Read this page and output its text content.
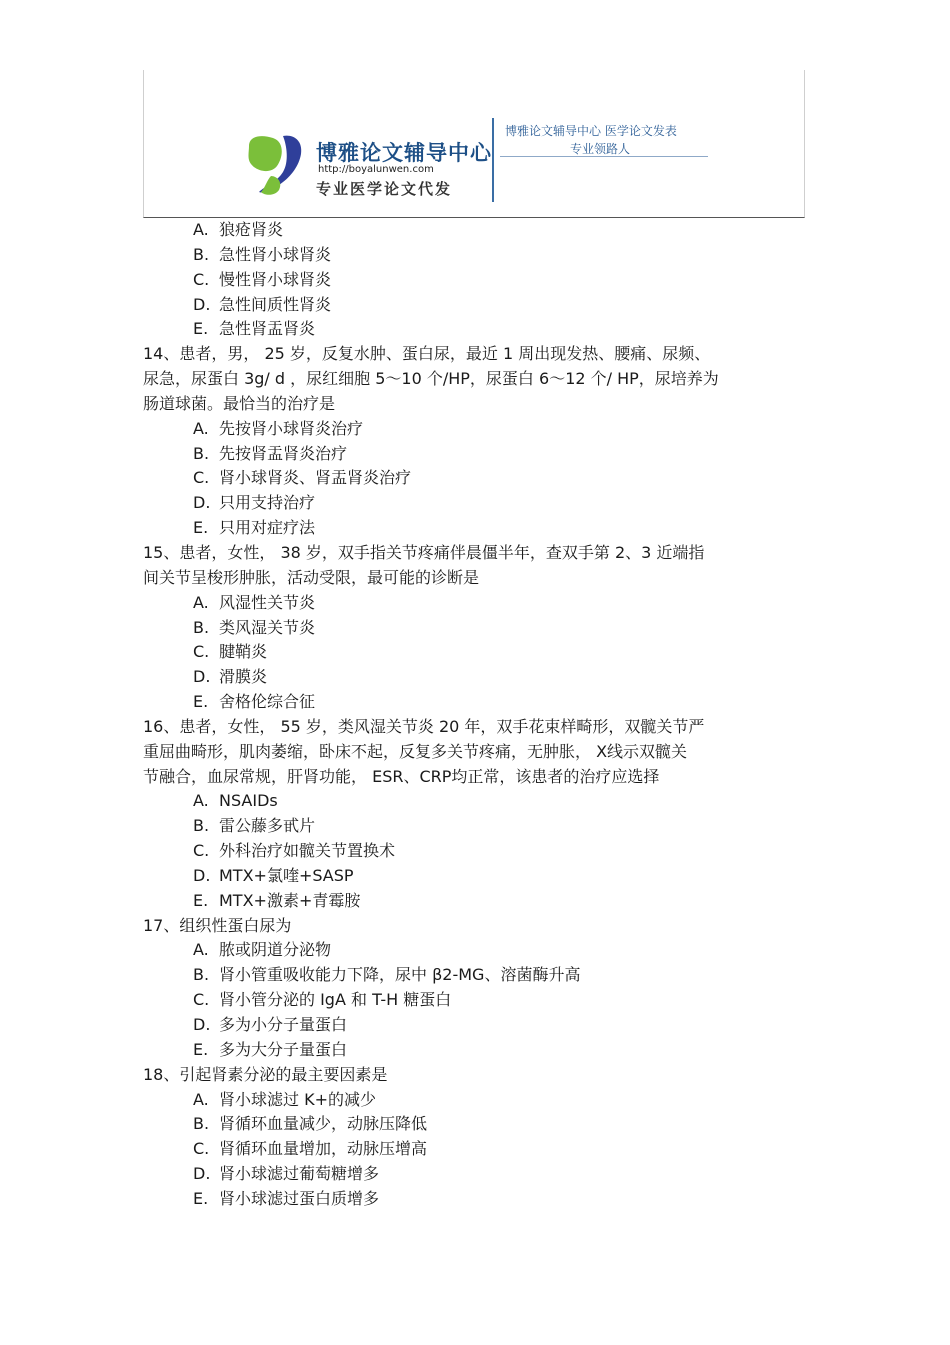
博雅论文辅导中心
http://boyalunwen.com
专业医学论文代发
博雅论文辅导中心 医学论文发表
专业领路人
A. 狼疮肾炎
B. 急性肾小球肾炎
C. 慢性肾小球肾炎
D. 急性间质性肾炎
E. 急性肾盂肾炎
14、患者，男， 25 岁，反复水肿、蛋白尿，最近 1 周出现发热、腰痛、尿频、
尿急，尿蛋白 3g/ d ，尿红细胞 5～10 个/HP，尿蛋白 6～12 个/ HP，尿培养为
肠道球菌。最恰当的治疗是
A. 先按肾小球肾炎治疗
B. 先按肾盂肾炎治疗
C. 肾小球肾炎、肾盂肾炎治疗
D. 只用支持治疗
E. 只用对症疗法
15、患者，女性， 38 岁，双手指关节疼痛伴晨僵半年，查双手第 2、3 近端指
间关节呈梭形肿胀，活动受限，最可能的诊断是
A. 风湿性关节炎
B. 类风湿关节炎
C. 腱鞘炎
D. 滑膜炎
E. 舍格伦综合征
16、患者，女性， 55 岁，类风湿关节炎 20 年，双手花束样畸形，双髋关节严
重屈曲畸形，肌肉萎缩，卧床不起，反复多关节疼痛，无肿胀， X线示双髋关
节融合，血尿常规，肝肾功能， ESR、CRP均正常，该患者的治疗应选择
A. NSAIDs
B. 雷公藤多甙片
C. 外科治疗如髋关节置换术
D. MTX+氯喹+SASP
E. MTX+激素+青霉胺
17、组织性蛋白尿为
A. 脓或阴道分泌物
B. 肾小管重吸收能力下降，尿中 β2-MG、溶菌酶升高
C. 肾小管分泌的 IgA 和 T-H 糖蛋白
D. 多为小分子量蛋白
E. 多为大分子量蛋白
18、引起肾素分泌的最主要因素是
A. 肾小球滤过 K+的减少
B. 肾循环血量减少，动脉压降低
C. 肾循环血量增加，动脉压增高
D. 肾小球滤过葡萄糖增多
E. 肾小球滤过蛋白质增多
